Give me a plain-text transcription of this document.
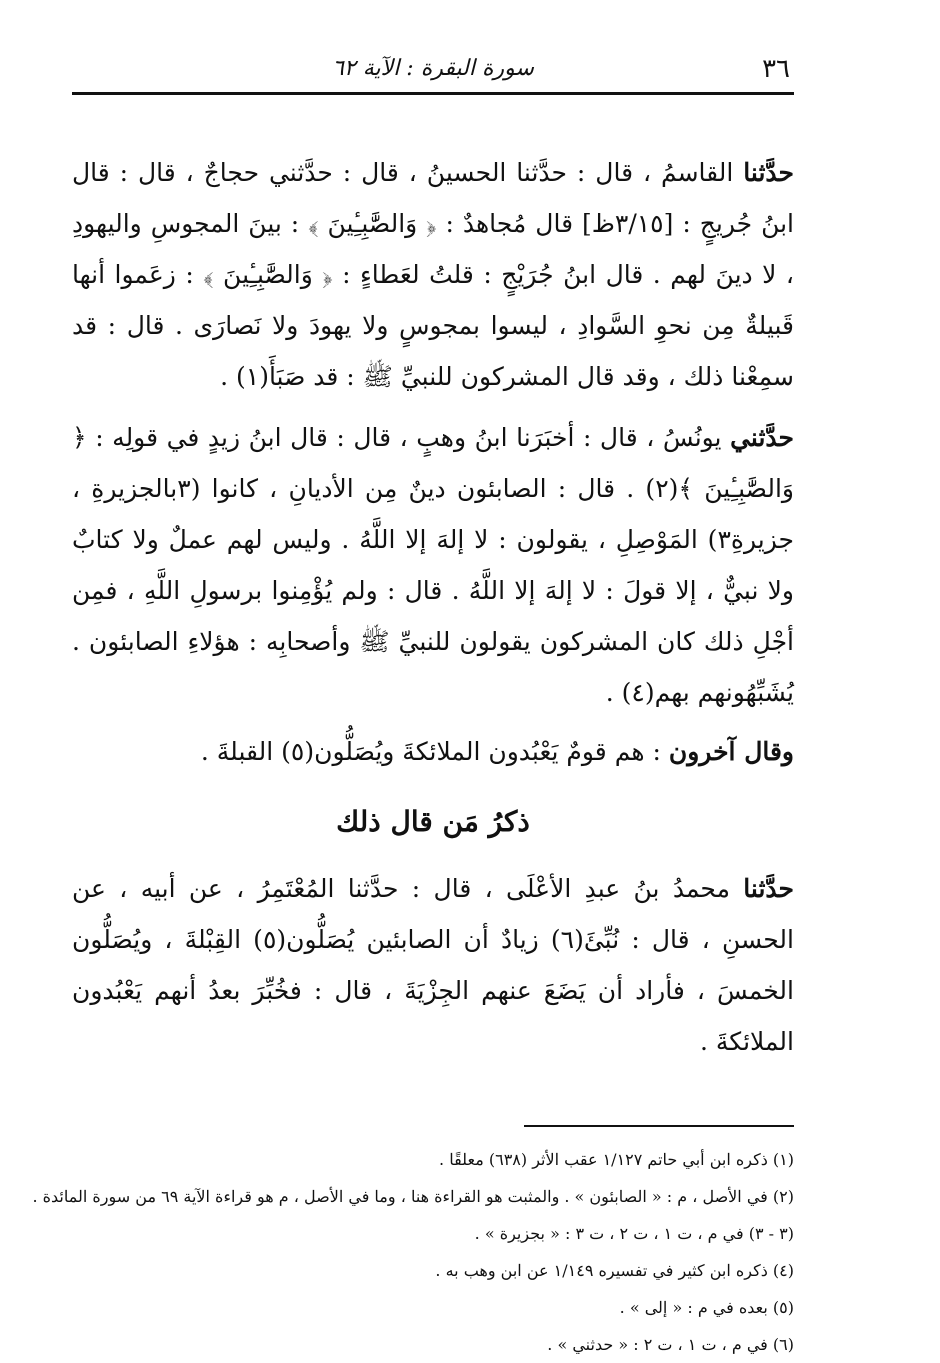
٣٦
سورة البقرة : الآية ٦٢

حدَّثنا القاسمُ ، قال : حدَّثنا الحسينُ ، قال : حدَّثني حجاجٌ ، قال : قال ابنُ جُريجٍ : [٣/١٥ظ] قال مُجاهدٌ : ﴿ وَالصَّٰبِـِٔينَ ﴾ : بينَ المجوسِ واليهودِ ، لا دينَ لهم . قال ابنُ جُرَيْجٍ : قلتُ لعَطاءٍ : ﴿ وَالصَّٰبِـِٔينَ ﴾ : زعَموا أنها قَبيلةٌ مِن نحوِ السَّوادِ ، ليسوا بمجوسٍ ولا يهودَ ولا نَصارَى . قال : قد سمِعْنا ذلك ، وقد قال المشركون للنبيِّ ﷺ : قد صَبَأَ(١) .

حدَّثني يونُسُ ، قال : أخبَرَنا ابنُ وهبٍ ، قال : قال ابنُ زيدٍ في قولِه : ﴿ وَالصَّٰبِـِٔينَ ﴾(٢) . قال : الصابئون دينٌ مِن الأديانِ ، كانوا (٣بالجزيرةِ ، جزيرةِ٣) المَوْصِلِ ، يقولون : لا إلهَ إلا اللَّهُ . وليس لهم عملٌ ولا كتابٌ ولا نبيٌّ ، إلا قولَ : لا إلهَ إلا اللَّهُ . قال : ولم يُؤْمِنوا برسولِ اللَّهِ ، فمِن أجْلِ ذلك كان المشركون يقولون للنبيِّ ﷺ وأصحابِه : هؤلاءِ الصابئون . يُشَبِّهُونهم بهم(٤) .

وقال آخرون : هم قومٌ يَعْبُدون الملائكةَ ويُصَلُّون(٥) القبلةَ .

ذكرُ مَن قال ذلك

حدَّثنا محمدُ بنُ عبدِ الأعْلَى ، قال : حدَّثنا المُعْتَمِرُ ، عن أبيه ، عن الحسنِ ، قال : نُبِّئَ(٦) زيادٌ أن الصابئين يُصَلُّون(٥) القِبْلةَ ، ويُصَلُّون الخمسَ ، فأراد أن يَضَعَ عنهم الجِزْيَةَ ، قال : فخُبِّرَ بعدُ أنهم يَعْبُدون الملائكةَ .

(١) ذكره ابن أبي حاتم ١/١٢٧ عقب الأثر (٦٣٨) معلقًا .
(٢) في الأصل ، م : « الصابئون » . والمثبت هو القراءة هنا ، وما في الأصل ، م هو قراءة الآية ٦٩ من سورة المائدة .
(٣ - ٣) في م ، ت ١ ، ت ٢ ، ت ٣ : « بجزيرة » .
(٤) ذكره ابن كثير في تفسيره ١/١٤٩ عن ابن وهب به .
(٥) بعده في م : « إلى » .
(٦) في م ، ت ١ ، ت ٢ : « حدثني » .
